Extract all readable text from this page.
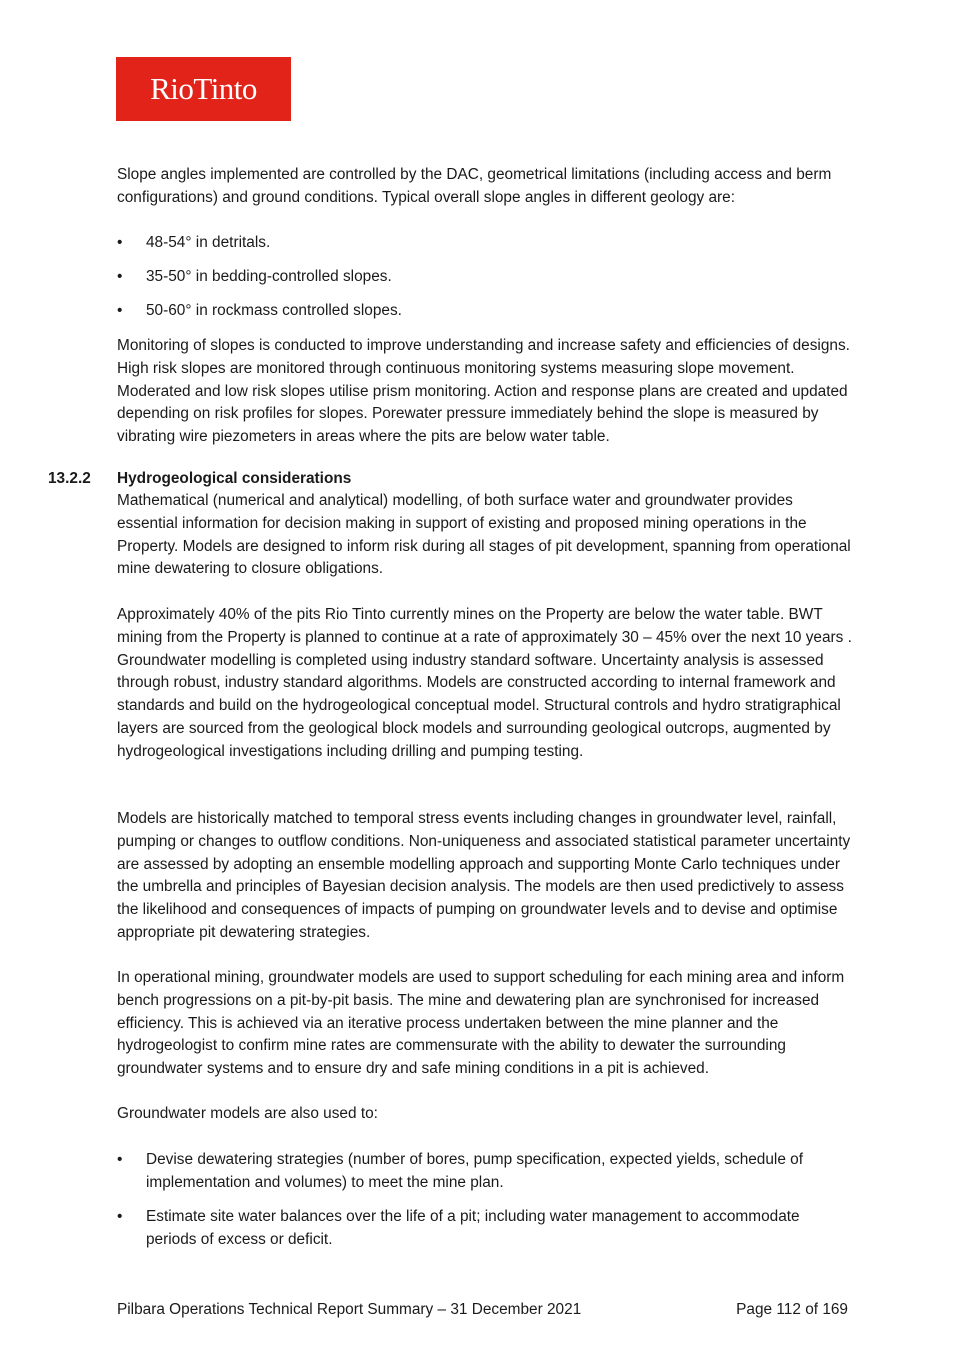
RioTinto

Slope angles implemented are controlled by the DAC, geometrical limitations (including access and berm configurations) and ground conditions. Typical overall slope angles in different geology are:

• 48-54° in detritals.
• 35-50° in bedding-controlled slopes.
• 50-60° in rockmass controlled slopes.

Monitoring of slopes is conducted to improve understanding and increase safety and efficiencies of designs. High risk slopes are monitored through continuous monitoring systems measuring slope movement. Moderated and low risk slopes utilise prism monitoring. Action and response plans are created and updated depending on risk profiles for slopes. Porewater pressure immediately behind the slope is measured by vibrating wire piezometers in areas where the pits are below water table.

13.2.2 Hydrogeological considerations

Mathematical (numerical and analytical) modelling, of both surface water and groundwater provides essential information for decision making in support of existing and proposed mining operations in the Property. Models are designed to inform risk during all stages of pit development, spanning from operational mine dewatering to closure obligations.

Approximately 40% of the pits Rio Tinto currently mines on the Property are below the water table. BWT mining from the Property is planned to continue at a rate of approximately 30 – 45% over the next 10 years . Groundwater modelling is completed using industry standard software. Uncertainty analysis is assessed through robust, industry standard algorithms. Models are constructed according to internal framework and standards and build on the hydrogeological conceptual model. Structural controls and hydro stratigraphical layers are sourced from the geological block models and surrounding geological outcrops, augmented by hydrogeological investigations including drilling and pumping testing.

Models are historically matched to temporal stress events including changes in groundwater level, rainfall, pumping or changes to outflow conditions. Non-uniqueness and associated statistical parameter uncertainty are assessed by adopting an ensemble modelling approach and supporting Monte Carlo techniques under the umbrella and principles of Bayesian decision analysis. The models are then used predictively to assess the likelihood and consequences of impacts of pumping on groundwater levels and to devise and optimise appropriate pit dewatering strategies.

In operational mining, groundwater models are used to support scheduling for each mining area and inform bench progressions on a pit-by-pit basis. The mine and dewatering plan are synchronised for increased efficiency. This is achieved via an iterative process undertaken between the mine planner and the hydrogeologist to confirm mine rates are commensurate with the ability to dewater the surrounding groundwater systems and to ensure dry and safe mining conditions in a pit is achieved.

Groundwater models are also used to:

• Devise dewatering strategies (number of bores, pump specification, expected yields, schedule of implementation and volumes) to meet the mine plan.
• Estimate site water balances over the life of a pit; including water management to accommodate periods of excess or deficit.
Pilbara Operations Technical Report Summary – 31 December 2021	Page 112 of 169
